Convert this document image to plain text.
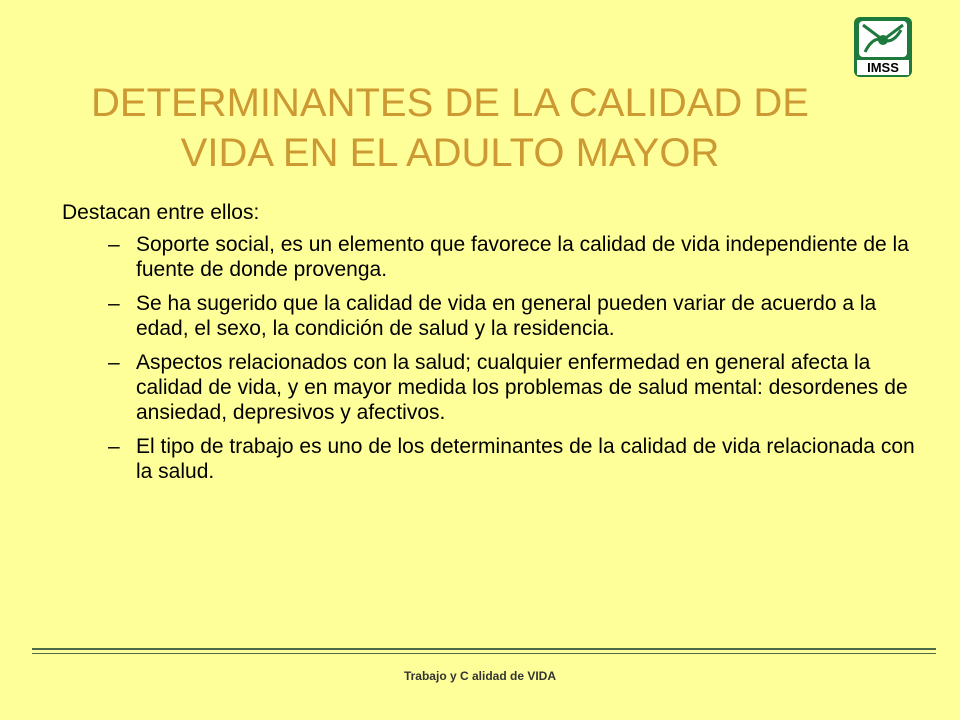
IMSS
DETERMINANTES DE LA CALIDAD DE
VIDA EN EL ADULTO MAYOR

Destacan entre ellos:

– Soporte social, es un elemento que favorece la calidad de vida independiente de la fuente de donde provenga.
– Se ha sugerido que la calidad de vida en general pueden variar de acuerdo a la edad, el sexo, la condición de salud y la residencia.
– Aspectos relacionados con la salud; cualquier enfermedad en general afecta la calidad de vida, y en mayor medida los problemas de salud mental: desordenes de ansiedad, depresivos y afectivos.
– El tipo de trabajo es uno de los determinantes de la calidad de vida relacionada con la salud.
Trabajo y C alidad de VIDA
